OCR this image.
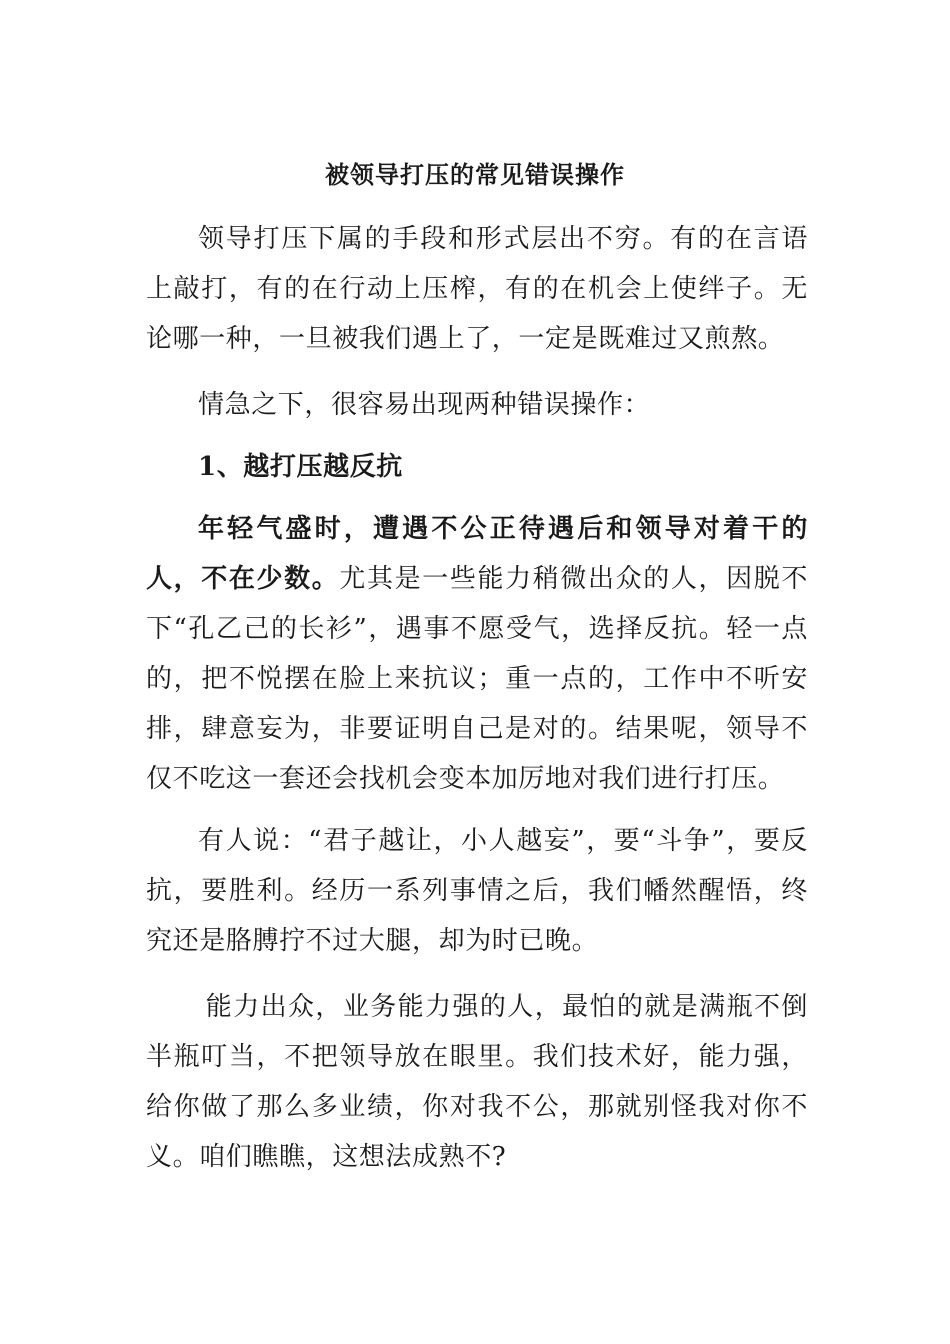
被领导打压的常见错误操作

领导打压下属的手段和形式层出不穷。有的在言语上敲打，有的在行动上压榨，有的在机会上使绊子。无论哪一种，一旦被我们遇上了，一定是既难过又煎熬。

情急之下，很容易出现两种错误操作：

1、越打压越反抗

年轻气盛时，遭遇不公正待遇后和领导对着干的人，不在少数。尤其是一些能力稍微出众的人，因脱不下“孔乙己的长衫”，遇事不愿受气，选择反抗。轻一点的，把不悦摆在脸上来抗议；重一点的，工作中不听安排，肆意妄为，非要证明自己是对的。结果呢，领导不仅不吃这一套还会找机会变本加厉地对我们进行打压。

有人说：“君子越让，小人越妄”，要“斗争”，要反抗，要胜利。经历一系列事情之后，我们幡然醒悟，终究还是胳膊拧不过大腿，却为时已晚。

能力出众，业务能力强的人，最怕的就是满瓶不倒半瓶叮当，不把领导放在眼里。我们技术好，能力强，给你做了那么多业绩，你对我不公，那就别怪我对你不义。咱们瞧瞧，这想法成熟不?
